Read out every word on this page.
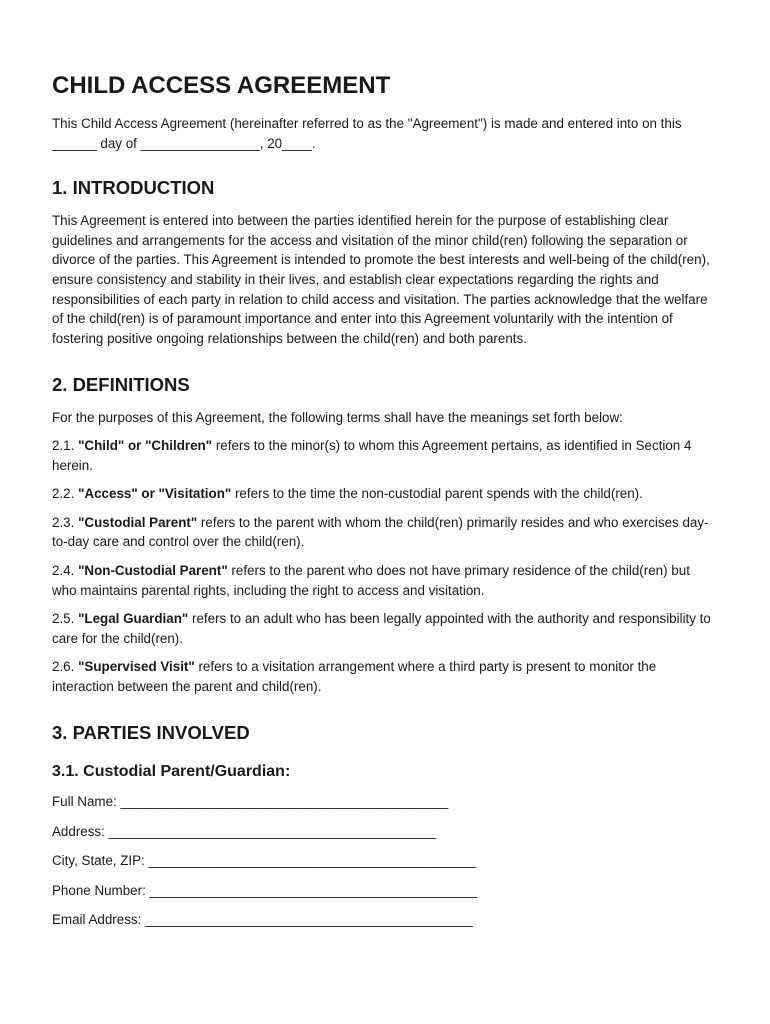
CHILD ACCESS AGREEMENT

This Child Access Agreement (hereinafter referred to as the "Agreement") is made and entered into on this ______ day of ________________, 20____.

1. INTRODUCTION

This Agreement is entered into between the parties identified herein for the purpose of establishing clear guidelines and arrangements for the access and visitation of the minor child(ren) following the separation or divorce of the parties. This Agreement is intended to promote the best interests and well-being of the child(ren), ensure consistency and stability in their lives, and establish clear expectations regarding the rights and responsibilities of each party in relation to child access and visitation. The parties acknowledge that the welfare of the child(ren) is of paramount importance and enter into this Agreement voluntarily with the intention of fostering positive ongoing relationships between the child(ren) and both parents.

2. DEFINITIONS

For the purposes of this Agreement, the following terms shall have the meanings set forth below:

2.1. "Child" or "Children" refers to the minor(s) to whom this Agreement pertains, as identified in Section 4 herein.

2.2. "Access" or "Visitation" refers to the time the non-custodial parent spends with the child(ren).

2.3. "Custodial Parent" refers to the parent with whom the child(ren) primarily resides and who exercises day-to-day care and control over the child(ren).

2.4. "Non-Custodial Parent" refers to the parent who does not have primary residence of the child(ren) but who maintains parental rights, including the right to access and visitation.

2.5. "Legal Guardian" refers to an adult who has been legally appointed with the authority and responsibility to care for the child(ren).

2.6. "Supervised Visit" refers to a visitation arrangement where a third party is present to monitor the interaction between the parent and child(ren).

3. PARTIES INVOLVED
3.1. Custodial Parent/Guardian:
Full Name: ____________________________________________
Address: ____________________________________________
City, State, ZIP: ____________________________________________
Phone Number: ____________________________________________
Email Address: ____________________________________________
